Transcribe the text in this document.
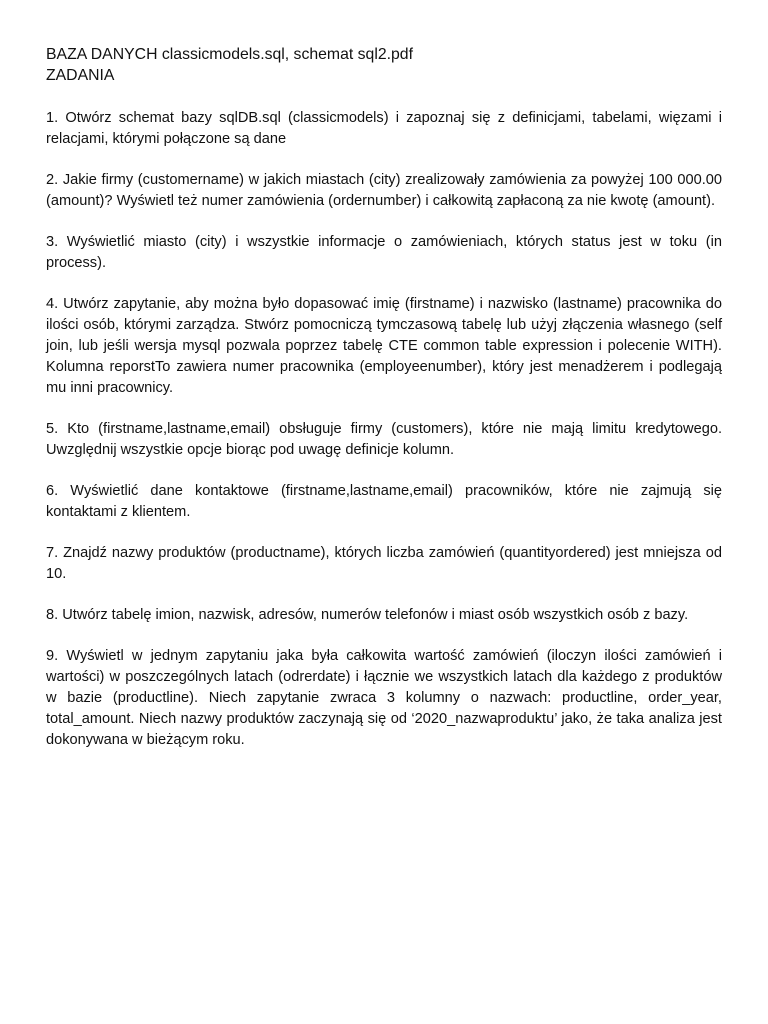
BAZA DANYCH classicmodels.sql, schemat sql2.pdf

ZADANIA

1. Otwórz schemat bazy sqlDB.sql (classicmodels) i zapoznaj się z definicjami, tabelami, więzami i relacjami, którymi połączone są dane

2. Jakie firmy (customername) w jakich miastach (city) zrealizowały zamówienia za powyżej 100 000.00 (amount)? Wyświetl też numer zamówienia (ordernumber) i całkowitą zapłaconą za nie kwotę (amount).

3. Wyświetlić miasto (city) i wszystkie informacje o zamówieniach, których status jest w toku (in process).

4. Utwórz zapytanie, aby można było dopasować imię (firstname) i nazwisko (lastname) pracownika do ilości osób, którymi zarządza. Stwórz pomocniczą tymczasową tabelę lub użyj złączenia własnego (self join, lub jeśli wersja mysql pozwala poprzez tabelę CTE common table expression i polecenie WITH). Kolumna reporstTo zawiera numer pracownika (employeenumber), który jest menadżerem i podlegają mu inni pracownicy.

5. Kto (firstname,lastname,email) obsługuje firmy (customers), które nie mają limitu kredytowego. Uwzględnij wszystkie opcje biorąc pod uwagę definicje kolumn.

6. Wyświetlić dane kontaktowe (firstname,lastname,email) pracowników, które nie zajmują się kontaktami z klientem.

7. Znajdź nazwy produktów (productname), których liczba zamówień (quantityordered) jest mniejsza od 10.

8. Utwórz tabelę imion, nazwisk, adresów, numerów telefonów i miast osób wszystkich osób z bazy.

9. Wyświetl w jednym zapytaniu jaka była całkowita wartość zamówień (iloczyn ilości zamówień i wartości) w poszczególnych latach (odrerdate) i łącznie we wszystkich latach dla każdego z produktów w bazie (productline). Niech zapytanie zwraca 3 kolumny o nazwach: productline, order_year, total_amount. Niech nazwy produktów zaczynają się od ‘2020_nazwaproduktu’ jako, że taka analiza jest dokonywana w bieżącym roku.
